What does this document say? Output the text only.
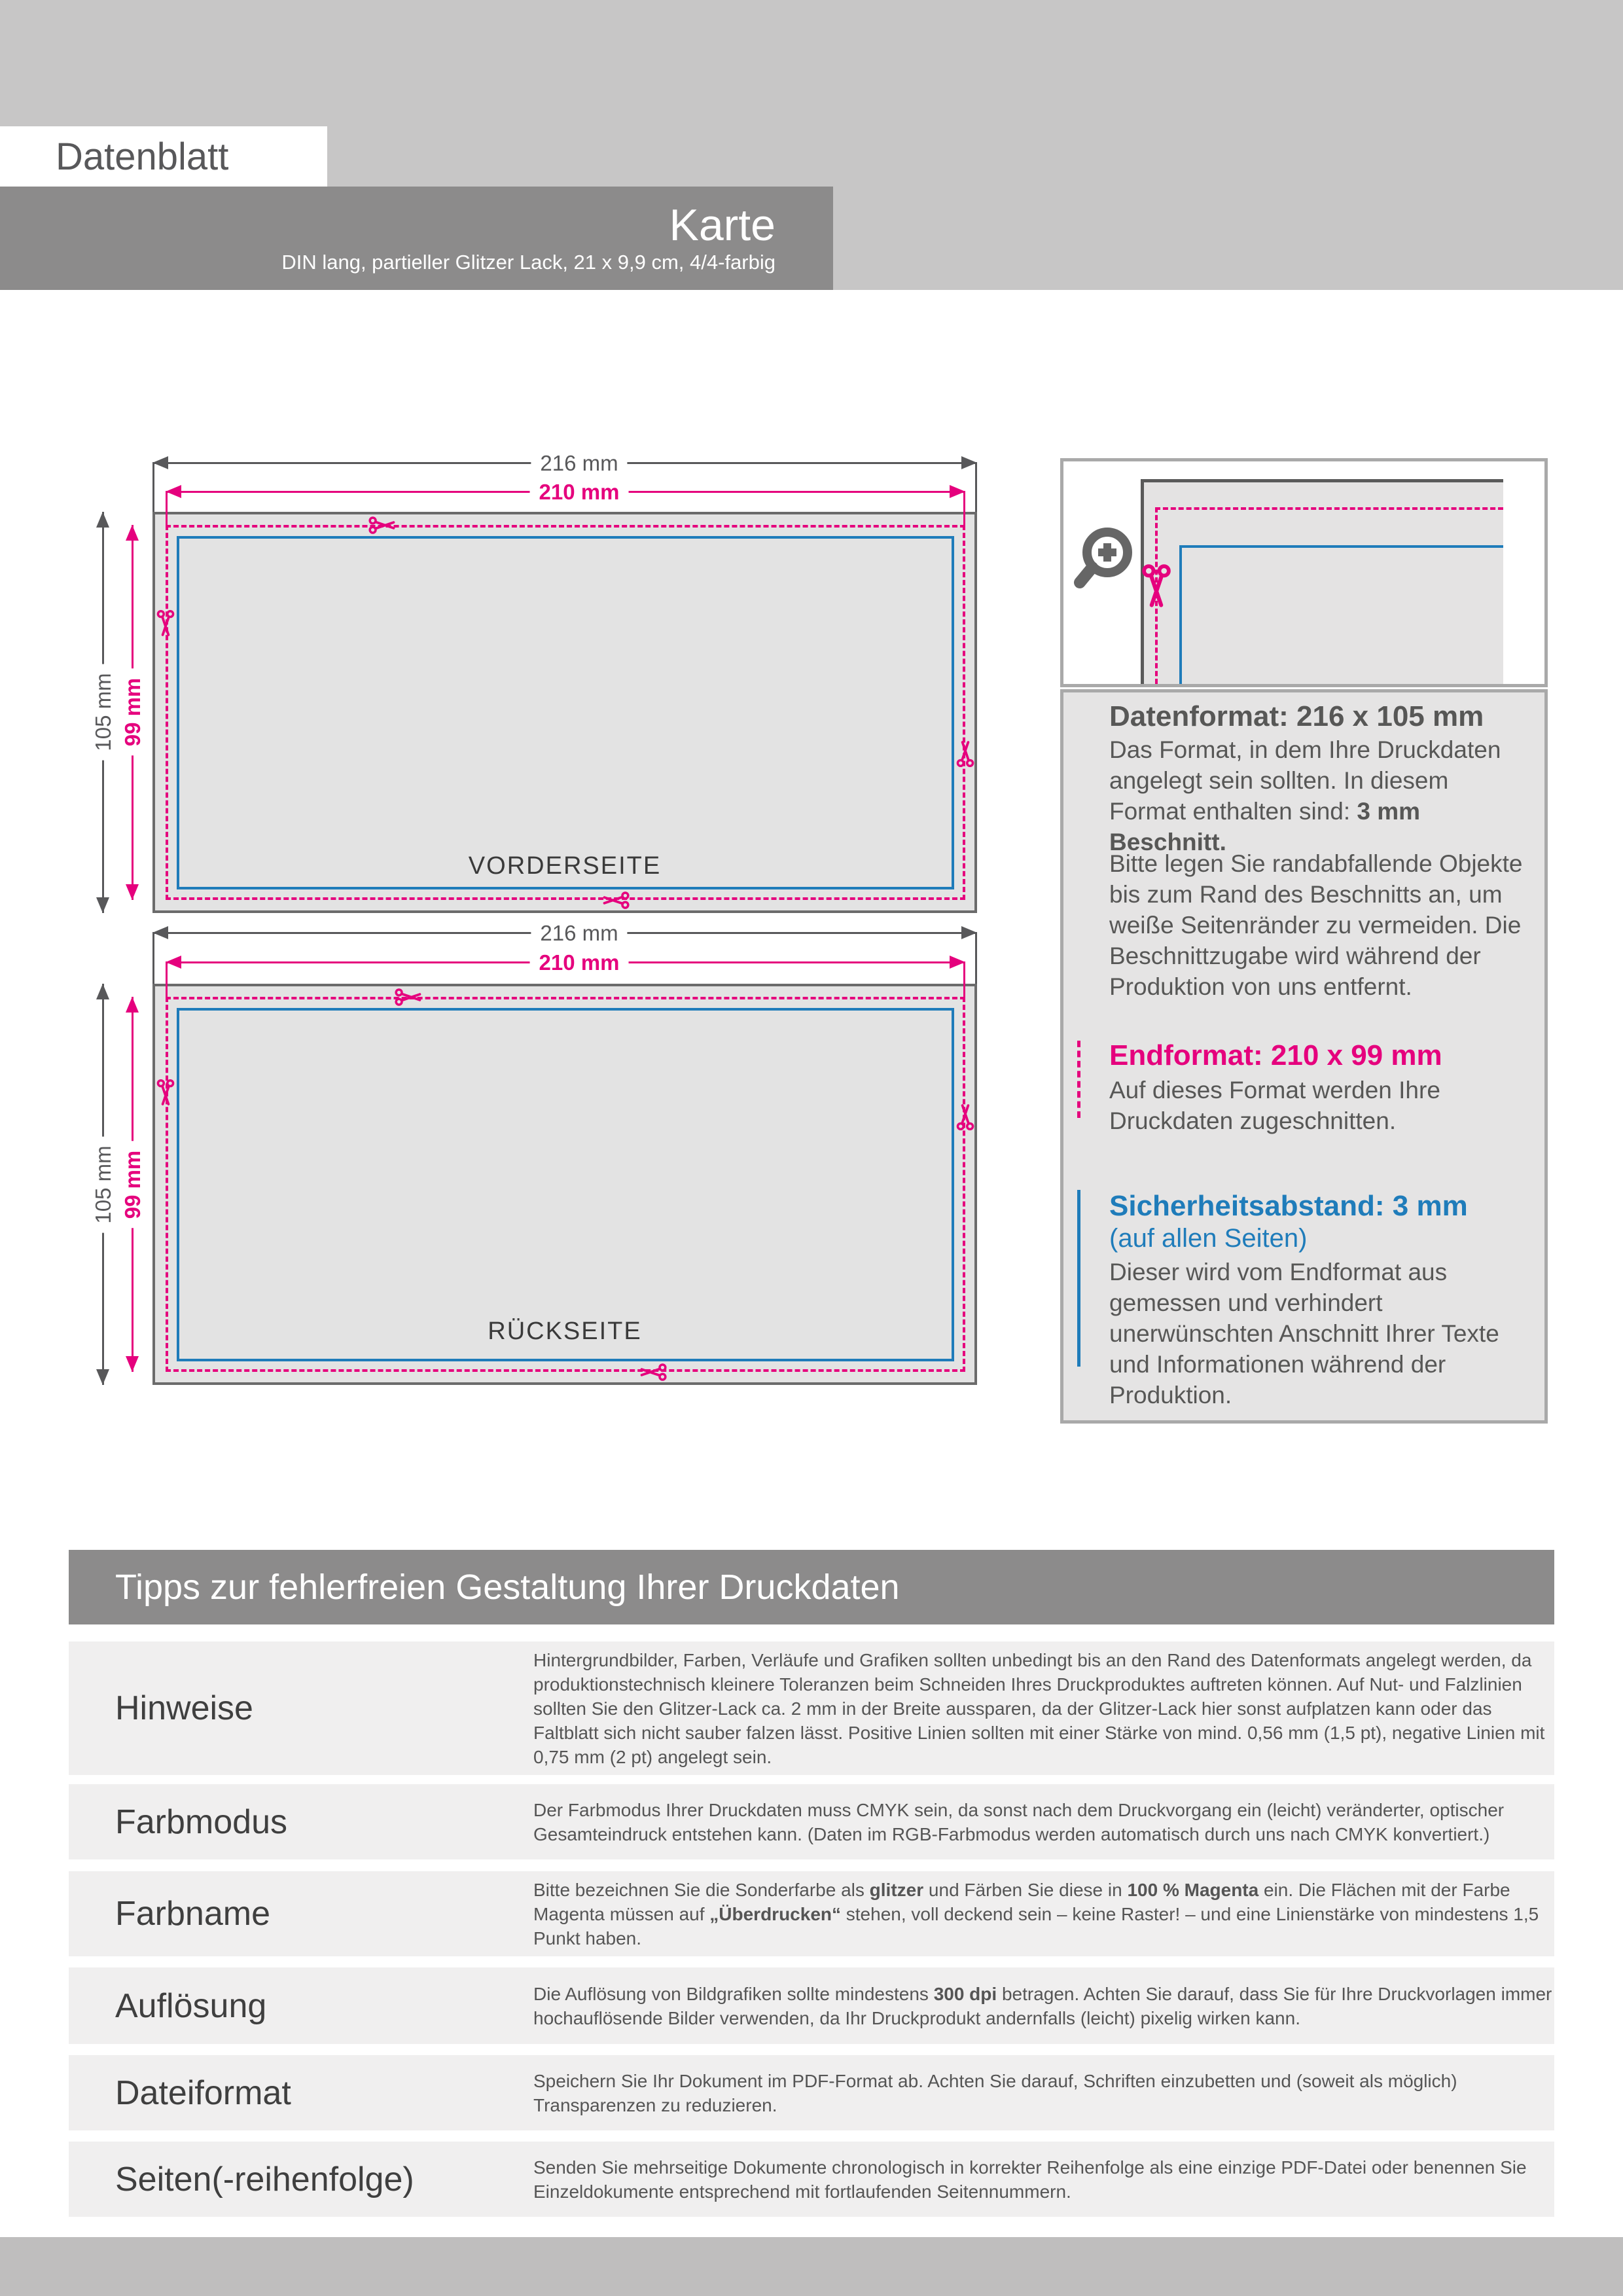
Datenblatt
Karte
DIN lang, partieller Glitzer Lack, 21 x 9,9 cm, 4/4-farbig
VORDERSEITE
216 mm
210 mm
105 mm 99 mm
RÜCKSEITE
216 mm
210 mm
105 mm 99 mm
Datenformat: 216 x 105 mm
Das Format, in dem Ihre Druckdaten angelegt sein sollten. In diesem Format enthalten sind: 3 mm Beschnitt.
Bitte legen Sie randabfallende Objekte bis zum Rand des Beschnitts an, um weiße Seitenränder zu vermeiden. Die Beschnittzugabe wird während der Produktion von uns entfernt.
Endformat: 210 x 99 mm
Auf dieses Format werden Ihre Druckdaten zugeschnitten.
Sicherheitsabstand: 3 mm
(auf allen Seiten)
Dieser wird vom Endformat aus gemessen und verhindert unerwünschten Anschnitt Ihrer Texte und Informationen während der Produktion.
Tipps zur fehlerfreien Gestaltung Ihrer Druckdaten
Hinweise
Hintergrundbilder, Farben, Verläufe und Grafiken sollten unbedingt bis an den Rand des Datenformats angelegt werden, da produktionstechnisch kleinere Toleranzen beim Schneiden Ihres Druckproduktes auftreten können. Auf Nut- und Falzlinien sollten Sie den Glitzer-Lack ca. 2 mm in der Breite aussparen, da der Glitzer-Lack hier sonst aufplatzen kann oder das Faltblatt sich nicht sauber falzen lässt. Positive Linien sollten mit einer Stärke von mind. 0,56 mm (1,5 pt), negative Linien mit 0,75 mm (2 pt) angelegt sein.
Farbmodus	Der Farbmodus Ihrer Druckdaten muss CMYK sein, da sonst nach dem Druckvorgang ein (leicht) veränderter, optischer Gesamteindruck entstehen kann. (Daten im RGB-Farbmodus werden automatisch durch uns nach CMYK konvertiert.)
Farbname
Bitte bezeichnen Sie die Sonderfarbe als glitzer und Färben Sie diese in 100 % Magenta ein. Die Flächen mit der Farbe Magenta müssen auf „Überdrucken“ stehen, voll deckend sein – keine Raster! – und eine Linienstärke von mindestens 1,5 Punkt haben.
Auflösung	Die Auflösung von Bildgrafiken sollte mindestens 300 dpi betragen. Achten Sie darauf, dass Sie für Ihre Druckvorlagen immer hochauflösende Bilder verwenden, da Ihr Druckprodukt andernfalls (leicht) pixelig wirken kann.
Dateiformat	Speichern Sie Ihr Dokument im PDF-Format ab. Achten Sie darauf, Schriften einzubetten und (soweit als möglich) Transparenzen zu reduzieren.
Seiten(-reihenfolge)	Senden Sie mehrseitige Dokumente chronologisch in korrekter Reihenfolge als eine einzige PDF-Datei oder benennen Sie Einzeldokumente entsprechend mit fortlaufenden Seitennummern.
